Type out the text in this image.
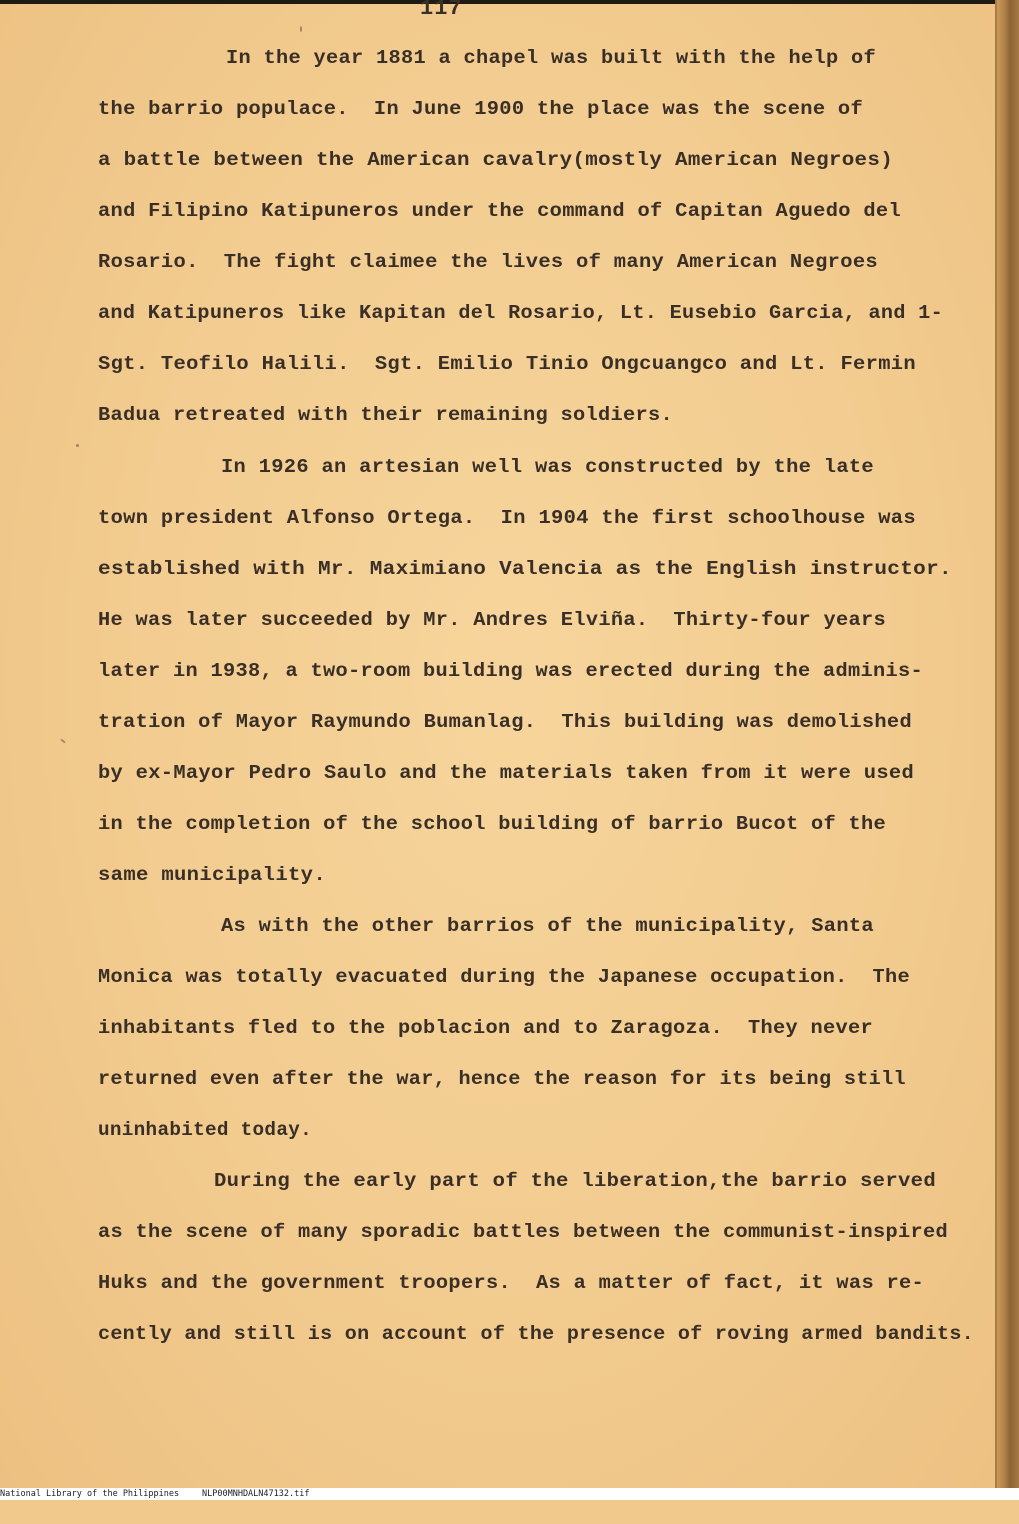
117
In the year 1881 a chapel was built with the help of
the barrio populace.  In June 1900 the place was the scene of
a battle between the American cavalry(mostly American Negroes)
and Filipino Katipuneros under the command of Capitan Aguedo del
Rosario.  The fight claimee the lives of many American Negroes
and Katipuneros like Kapitan del Rosario, Lt. Eusebio Garcia, and 1-
Sgt. Teofilo Halili.  Sgt. Emilio Tinio Ongcuangco and Lt. Fermin
Badua retreated with their remaining soldiers.
In 1926 an artesian well was constructed by the late
town president Alfonso Ortega.  In 1904 the first schoolhouse was
established with Mr. Maximiano Valencia as the English instructor.
He was later succeeded by Mr. Andres Elviña.  Thirty-four years
later in 1938, a two-room building was erected during the adminis-
tration of Mayor Raymundo Bumanlag.  This building was demolished
by ex-Mayor Pedro Saulo and the materials taken from it were used
in the completion of the school building of barrio Bucot of the
same municipality.
As with the other barrios of the municipality, Santa
Monica was totally evacuated during the Japanese occupation.  The
inhabitants fled to the poblacion and to Zaragoza.  They never
returned even after the war, hence the reason for its being still
uninhabited today.
During the early part of the liberation,the barrio served
as the scene of many sporadic battles between the communist-inspired
Huks and the government troopers.  As a matter of fact, it was re-
cently and still is on account of the presence of roving armed bandits.

National Library of the Philippines

	NLP00MNHDALN47132.tif
